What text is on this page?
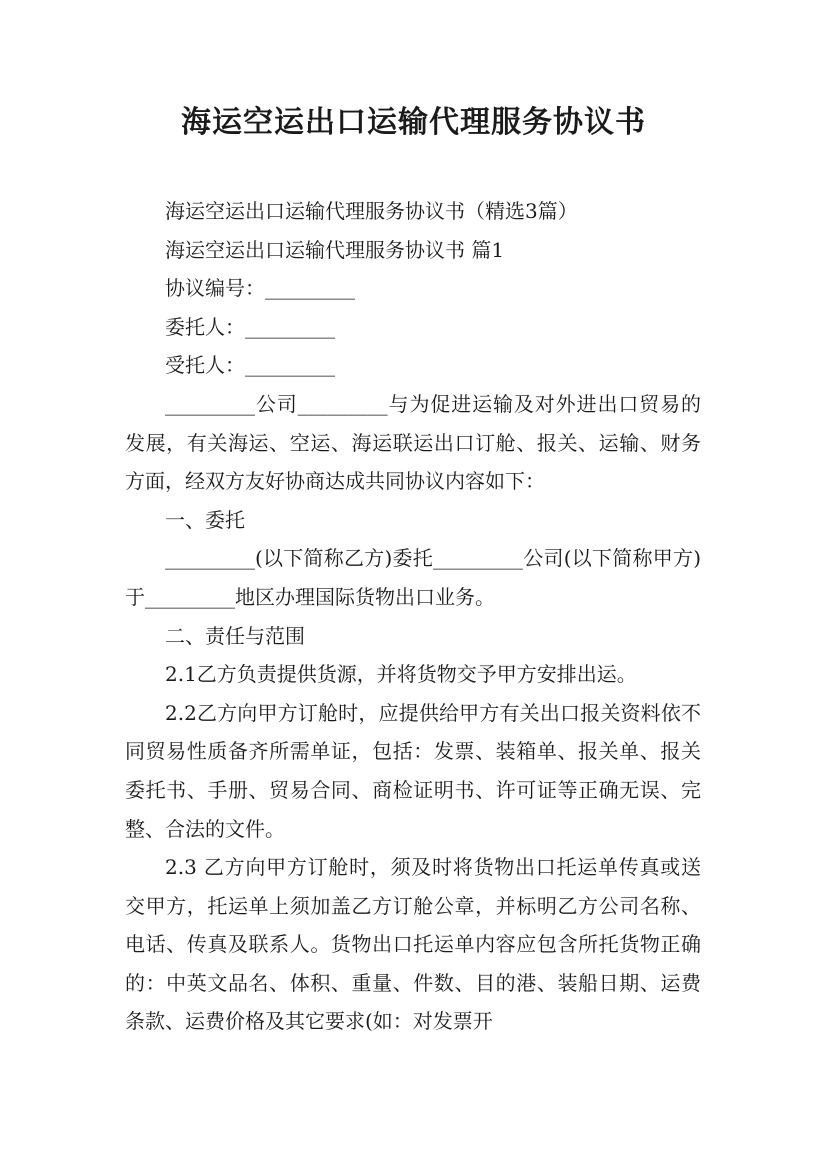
海运空运出口运输代理服务协议书

海运空运出口运输代理服务协议书（精选3篇）

海运空运出口运输代理服务协议书 篇1

协议编号：_________

委托人：_________

受托人：_________

_________公司_________与为促进运输及对外进出口贸易的发展，有关海运、空运、海运联运出口订舱、报关、运输、财务方面，经双方友好协商达成共同协议内容如下：

一、委托

_________(以下简称乙方)委托_________公司(以下简称甲方)于_________地区办理国际货物出口业务。

二、责任与范围

2.1乙方负责提供货源，并将货物交予甲方安排出运。

2.2乙方向甲方订舱时，应提供给甲方有关出口报关资料依不同贸易性质备齐所需单证，包括：发票、装箱单、报关单、报关委托书、手册、贸易合同、商检证明书、许可证等正确无误、完整、合法的文件。

2.3 乙方向甲方订舱时，须及时将货物出口托运单传真或送交甲方，托运单上须加盖乙方订舱公章，并标明乙方公司名称、电话、传真及联系人。货物出口托运单内容应包含所托货物正确的：中英文品名、体积、重量、件数、目的港、装船日期、运费条款、运费价格及其它要求(如：对发票开
